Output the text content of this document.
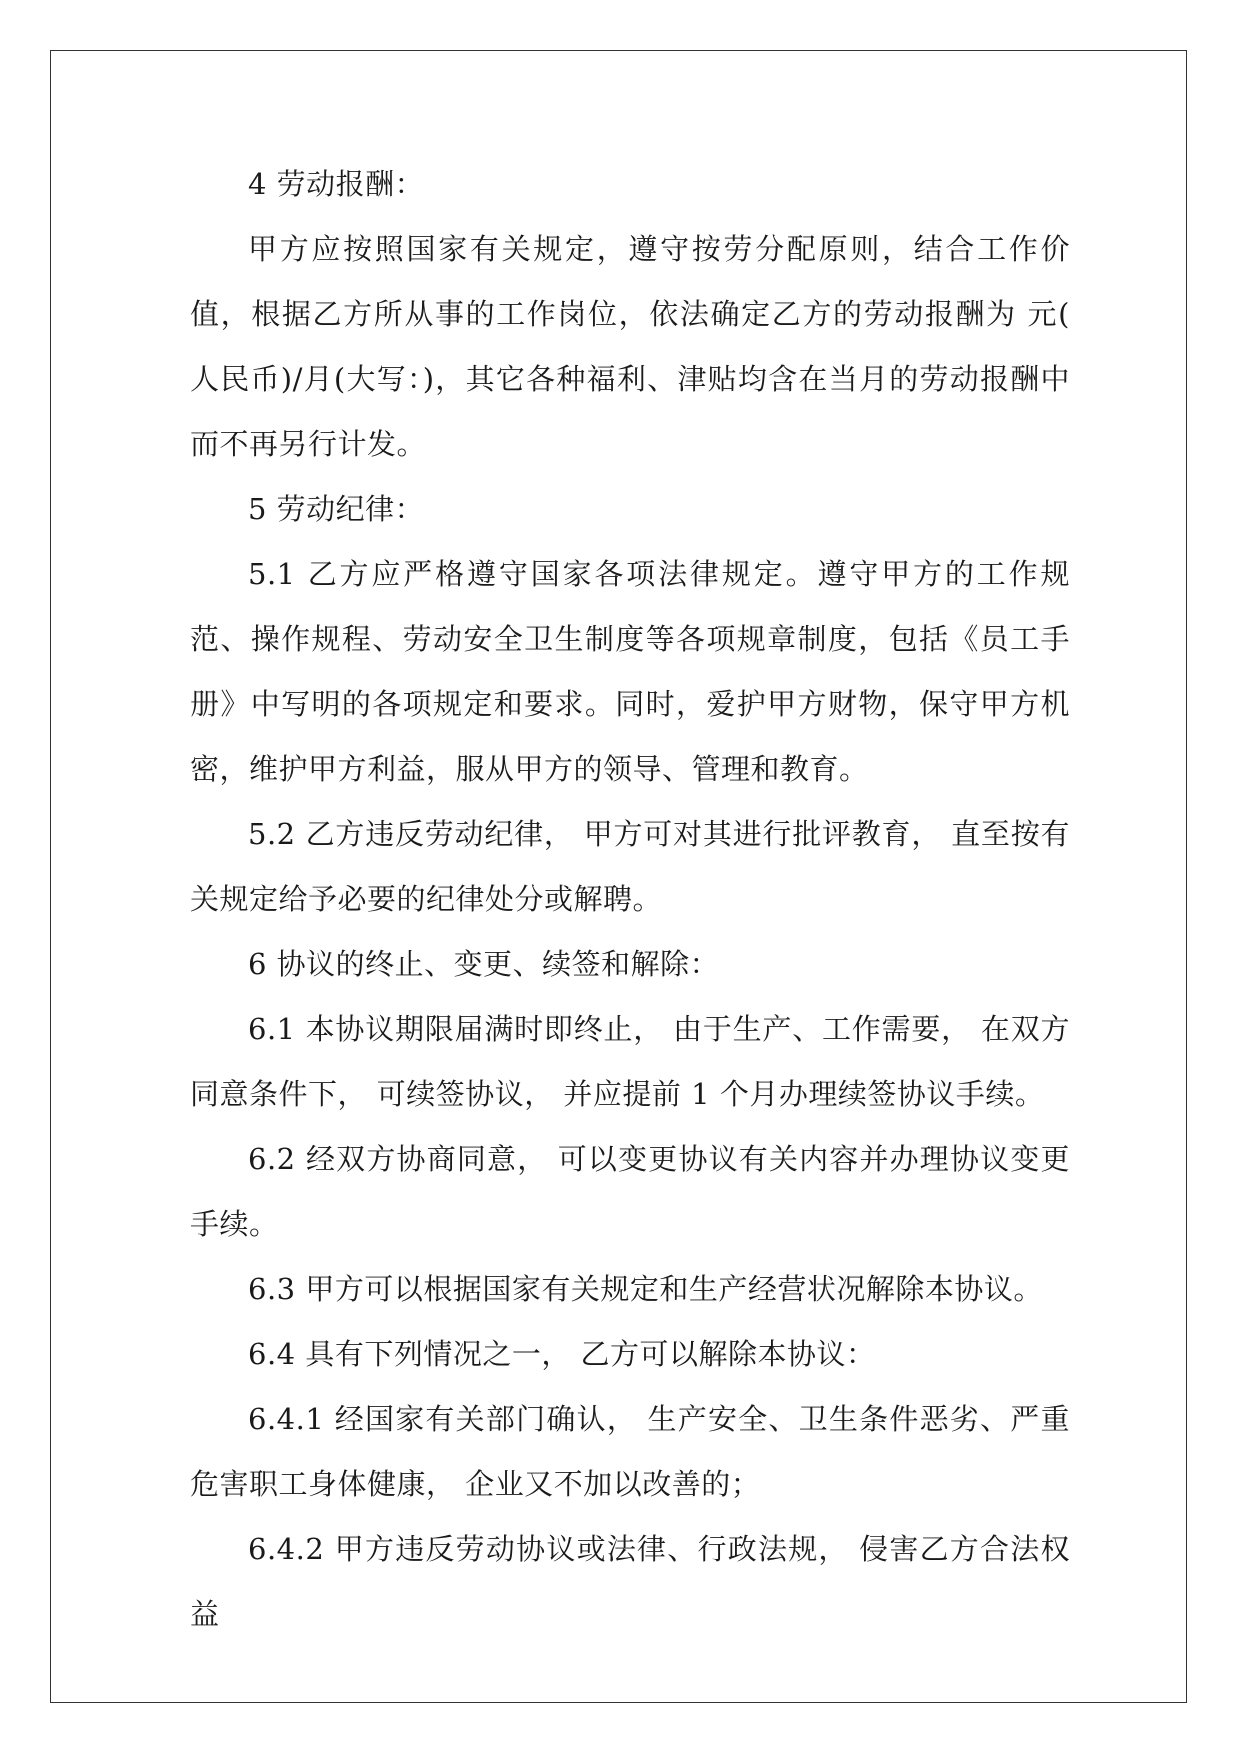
4 劳动报酬：

甲方应按照国家有关规定，遵守按劳分配原则，结合工作价值，根据乙方所从事的工作岗位，依法确定乙方的劳动报酬为 元( 人民币)/月(大写：)，其它各种福利、津贴均含在当月的劳动报酬中而不再另行计发。

5 劳动纪律：

5.1 乙方应严格遵守国家各项法律规定。遵守甲方的工作规范、操作规程、劳动安全卫生制度等各项规章制度，包括《员工手册》中写明的各项规定和要求。同时，爱护甲方财物，保守甲方机密，维护甲方利益，服从甲方的领导、管理和教育。

5.2 乙方违反劳动纪律， 甲方可对其进行批评教育， 直至按有关规定给予必要的纪律处分或解聘。

6 协议的终止、变更、续签和解除：

6.1 本协议期限届满时即终止， 由于生产、工作需要， 在双方同意条件下， 可续签协议， 并应提前 1 个月办理续签协议手续。

6.2 经双方协商同意， 可以变更协议有关内容并办理协议变更手续。

6.3 甲方可以根据国家有关规定和生产经营状况解除本协议。

6.4 具有下列情况之一， 乙方可以解除本协议：

6.4.1 经国家有关部门确认， 生产安全、卫生条件恶劣、严重危害职工身体健康， 企业又不加以改善的；

6.4.2 甲方违反劳动协议或法律、行政法规， 侵害乙方合法权益
